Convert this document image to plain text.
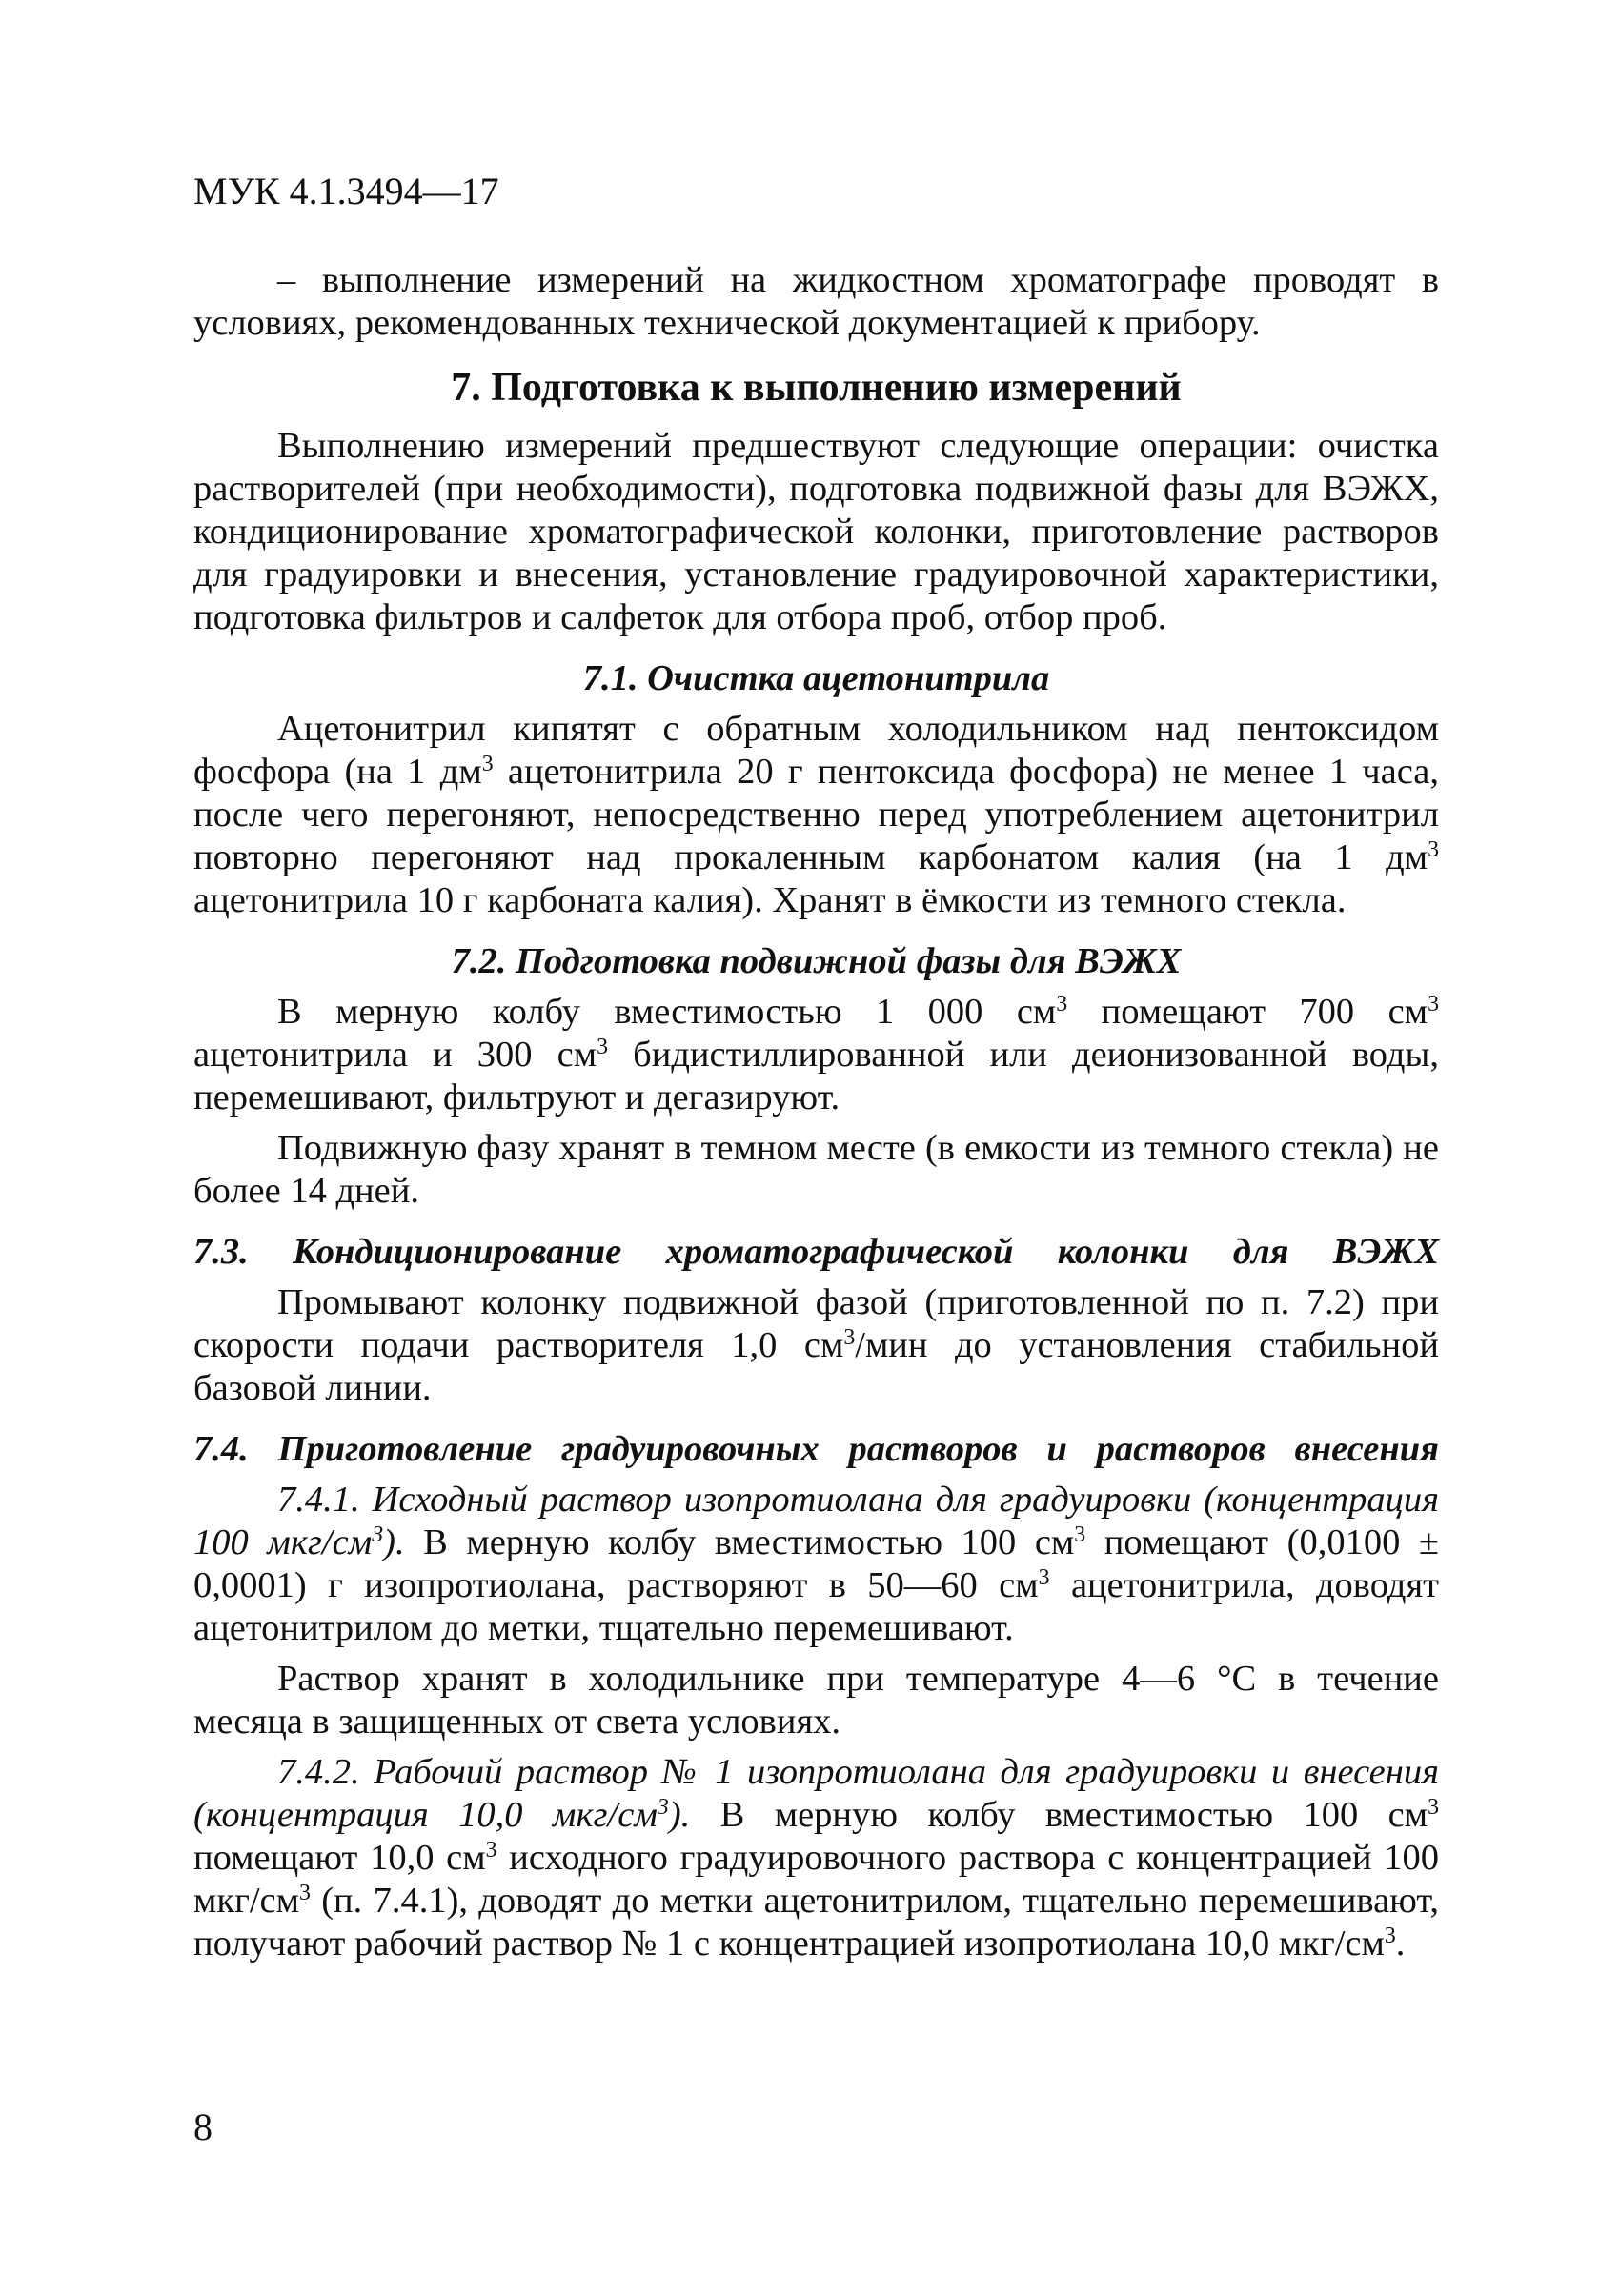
МУК 4.1.3494—17

– выполнение измерений на жидкостном хроматографе проводят в условиях, рекомендованных технической документацией к прибору.

7. Подготовка к выполнению измерений

Выполнению измерений предшествуют следующие операции: очистка растворителей (при необходимости), подготовка подвижной фазы для ВЭЖХ, кондиционирование хроматографической колонки, приготовление растворов для градуировки и внесения, установление градуировочной характеристики, подготовка фильтров и салфеток для отбора проб, отбор проб.

7.1. Очистка ацетонитрила

Ацетонитрил кипятят с обратным холодильником над пентоксидом фосфора (на 1 $дм^3$ ацетонитрила 20 г пентоксида фосфора) не менее 1 часа, после чего перегоняют, непосредственно перед употреблением ацетонитрил повторно перегоняют над прокаленным карбонатом калия (на 1 $дм^3$ ацетонитрила 10 г карбоната калия). Хранят в ёмкости из темного стекла.

7.2. Подготовка подвижной фазы для ВЭЖХ

В мерную колбу вместимостью 1 000 $см^3$ помещают 700 $см^3$ ацетонитрила и 300 $см^3$ бидистиллированной или деионизованной воды, перемешивают, фильтруют и дегазируют.

Подвижную фазу хранят в темном месте (в емкости из темного стекла) не более 14 дней.

7.3. Кондиционирование хроматографической колонки для ВЭЖХ

Промывают колонку подвижной фазой (приготовленной по п. 7.2) при скорости подачи растворителя 1,0 $см^3$/мин до установления стабильной базовой линии.

7.4. Приготовление градуировочных растворов и растворов внесения

7.4.1. Исходный раствор изопротиолана для градуировки (концентрация 100 мкг/$см^3$). В мерную колбу вместимостью 100 $см^3$ помещают (0,0100 ± 0,0001) г изопротиолана, растворяют в 50—60 $см^3$ ацетонитрила, доводят ацетонитрилом до метки, тщательно перемешивают.

Раствор хранят в холодильнике при температуре 4—6 °С в течение месяца в защищенных от света условиях.

7.4.2. Рабочий раствор № 1 изопротиолана для градуировки и внесения (концентрация 10,0 мкг/$см^3$). В мерную колбу вместимостью 100 $см^3$ помещают 10,0 $см^3$ исходного градуировочного раствора с концентрацией 100 мкг/$см^3$ (п. 7.4.1), доводят до метки ацетонитрилом, тщательно перемешивают, получают рабочий раствор № 1 с концентрацией изопротиолана 10,0 мкг/$см^3$.

8
